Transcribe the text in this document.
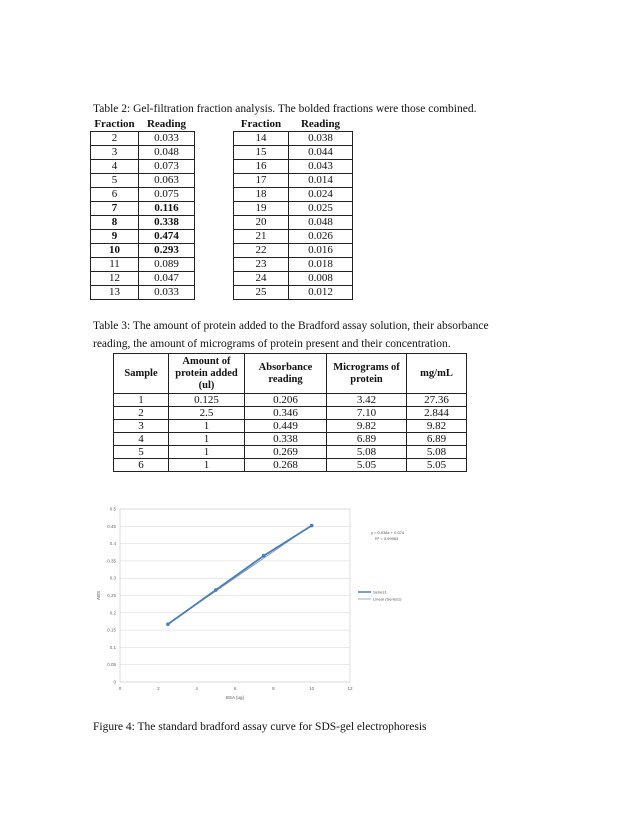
Table 2: Gel-filtration fraction analysis. The bolded fractions were those combined.
Fraction	Reading
2	0.033
3	0.048
4	0.073
5	0.063
6	0.075
7	0.116
8	0.338
9	0.474
10	0.293
11	0.089
12	0.047
13	0.033
Fraction	Reading
14	0.038
15	0.044
16	0.043
17	0.014
18	0.024
19	0.025
20	0.048
21	0.026
22	0.016
23	0.018
24	0.008
25	0.012
Table 3: The amount of protein added to the Bradford assay solution, their absorbance
reading, the amount of micrograms of protein present and their concentration.
Sample	Amount of protein added (ul)	Absorbance reading	Micrograms of protein	mg/mL
1	0.125	0.206	3.42	27.36
2	2.5	0.346	7.10	2.844
3	1	0.449	9.82	9.82
4	1	0.338	6.89	6.89
5	1	0.269	5.08	5.08
6	1	0.268	5.05	5.05
0
0.05
0.1
0.15
0.2
0.25
0.3
0.35
0.4
0.45
0.5
0	2	4	6	8	10	12
BSA (ug)
ABS
y = 0.038x + 0.074
R² = 0.99963
Series1
Linear (Series1)
Figure 4: The standard bradford assay curve for SDS-gel electrophoresis
